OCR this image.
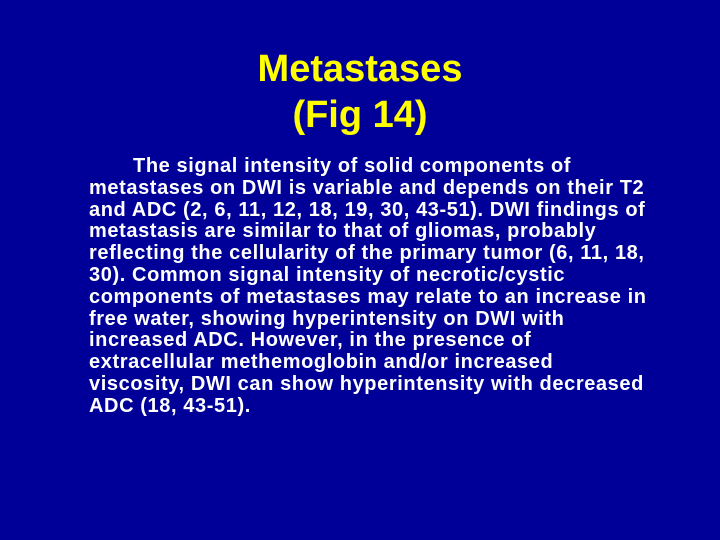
Metastases
(Fig 14)

The signal intensity of solid components of metastases on DWI is variable and depends on their T2 and ADC (2, 6, 11, 12, 18, 19, 30, 43-51). DWI findings of metastasis are similar to that of gliomas, probably reflecting the cellularity of the primary tumor (6, 11, 18, 30). Common signal intensity of necrotic/cystic components of metastases may relate to an increase in free water, showing hyperintensity on DWI with increased ADC. However, in the presence of extracellular methemoglobin and/or increased viscosity, DWI can show hyperintensity with decreased ADC (18, 43-51).
